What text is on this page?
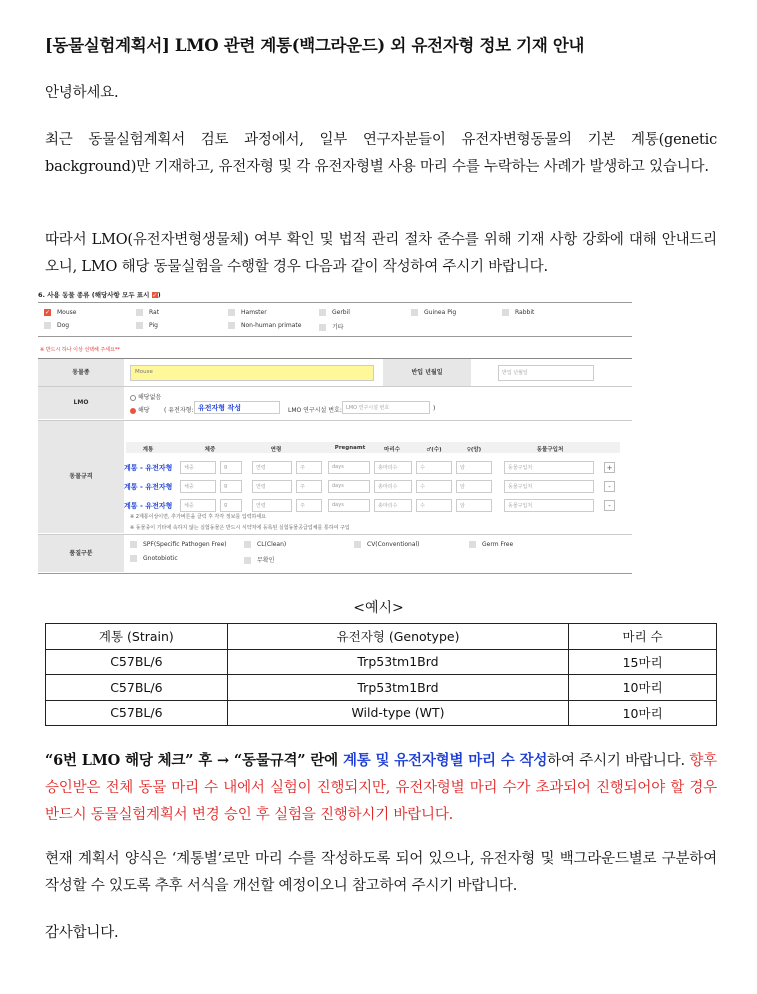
[동물실험계획서] LMO 관련 계통(백그라운드) 외 유전자형 정보 기재 안내
안녕하세요.
최근 동물실험계획서 검토 과정에서, 일부 연구자분들이 유전자변형동물의 기본 계통(genetic background)만 기재하고, 유전자형 및 각 유전자형별 사용 마리 수를 누락하는 사례가 발생하고 있습니다.
따라서 LMO(유전자변형생물체) 여부 확인 및 법적 관리 절차 준수를 위해 기재 사항 강화에 대해 안내드리오니, LMO 해당 동물실험을 수행할 경우 다음과 같이 작성하여 주시기 바랍니다.
6. 사용 동물 종류 (해당사항 모두 표시 ✓)
✓ Mouse	Rat	Hamster	Gerbil	Guinea Pig	Rabbit
Dog	Pig	Non-human primate	기타
※ 반드시 하나 이상 선택해 주세요**
동물종	Mouse	반입 년월일	반입 년월일
LMO
해당없음
해당 ( 유전자형: 유전자형 작성	LMO 연구시설 번호: LMO 연구시설 번호	)
동물규격
계통	체중	연령	Pregnamt	마리수	♂(수)	♀(암)	동물구입처
계통 - 유전자형	체중	g	연령	주	days	총마리수	수	암	동물구입처	+
계통 - 유전자형	체중	g	연령	주	days	총마리수	수	암	동물구입처	-
계통 - 유전자형	체중	g	연령	주	days	총마리수	수	암	동물구입처	-
※ 2계통이상이면, 추가버튼을 클릭 후 각각 정보를 입력하세요
※ 동물종이 기타에 속하지 않는 실험동물은 반드시 식약처에 등록된 실험동물공급업체를 통하여 구입
품질구분
SPF(Specific Pathogen Free)	CL(Clean)	CV(Conventional)	Germ Free
Gnotobiotic	무확인
<예시>
계통 (Strain)	유전자형 (Genotype)	마리 수
C57BL/6	Trp53tm1Brd	15마리
C57BL/6	Trp53tm1Brd	10마리
C57BL/6	Wild-type (WT)	10마리
“6번 LMO 해당 체크” 후 → “동물규격” 란에 계통 및 유전자형별 마리 수 작성하여 주시기 바랍니다. 향후 승인받은 전체 동물 마리 수 내에서 실험이 진행되지만, 유전자형별 마리 수가 초과되어 진행되어야 할 경우 반드시 동물실험계획서 변경 승인 후 실험을 진행하시기 바랍니다.
현재 계획서 양식은 ‘계통별’로만 마리 수를 작성하도록 되어 있으나, 유전자형 및 백그라운드별로 구분하여 작성할 수 있도록 추후 서식을 개선할 예정이오니 참고하여 주시기 바랍니다.
감사합니다.
